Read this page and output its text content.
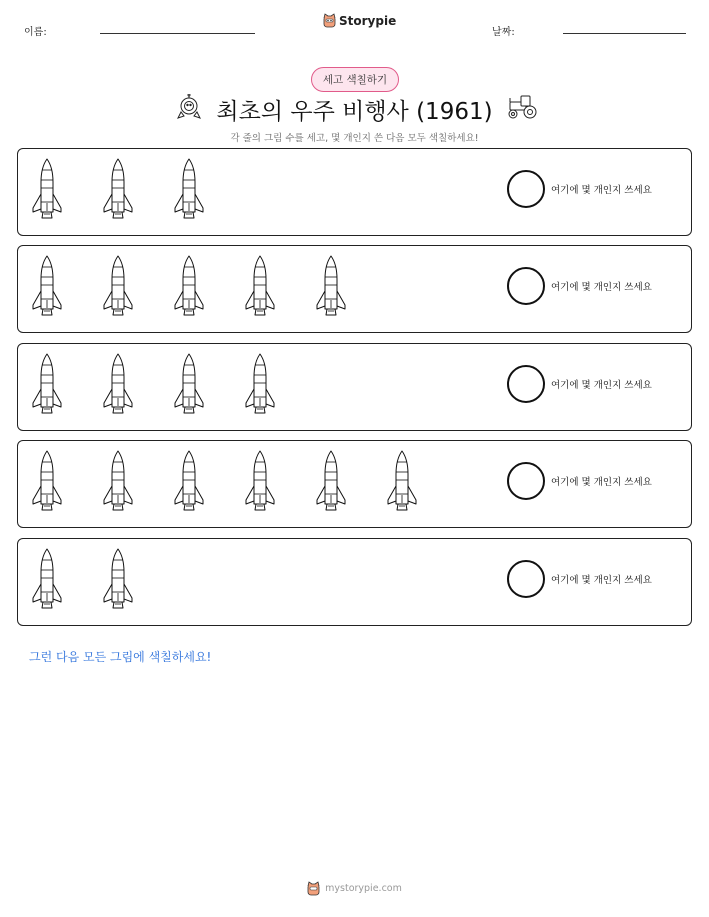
이름:
Storypie
날짜:
세고 색칠하기
최초의 우주 비행사 (1961)
각 줄의 그림 수를 세고, 몇 개인지 쓴 다음 모두 색칠하세요!
여기에 몇 개인지 쓰세요
여기에 몇 개인지 쓰세요
여기에 몇 개인지 쓰세요
여기에 몇 개인지 쓰세요
여기에 몇 개인지 쓰세요
그런 다음 모든 그림에 색칠하세요!
mystorypie.com
